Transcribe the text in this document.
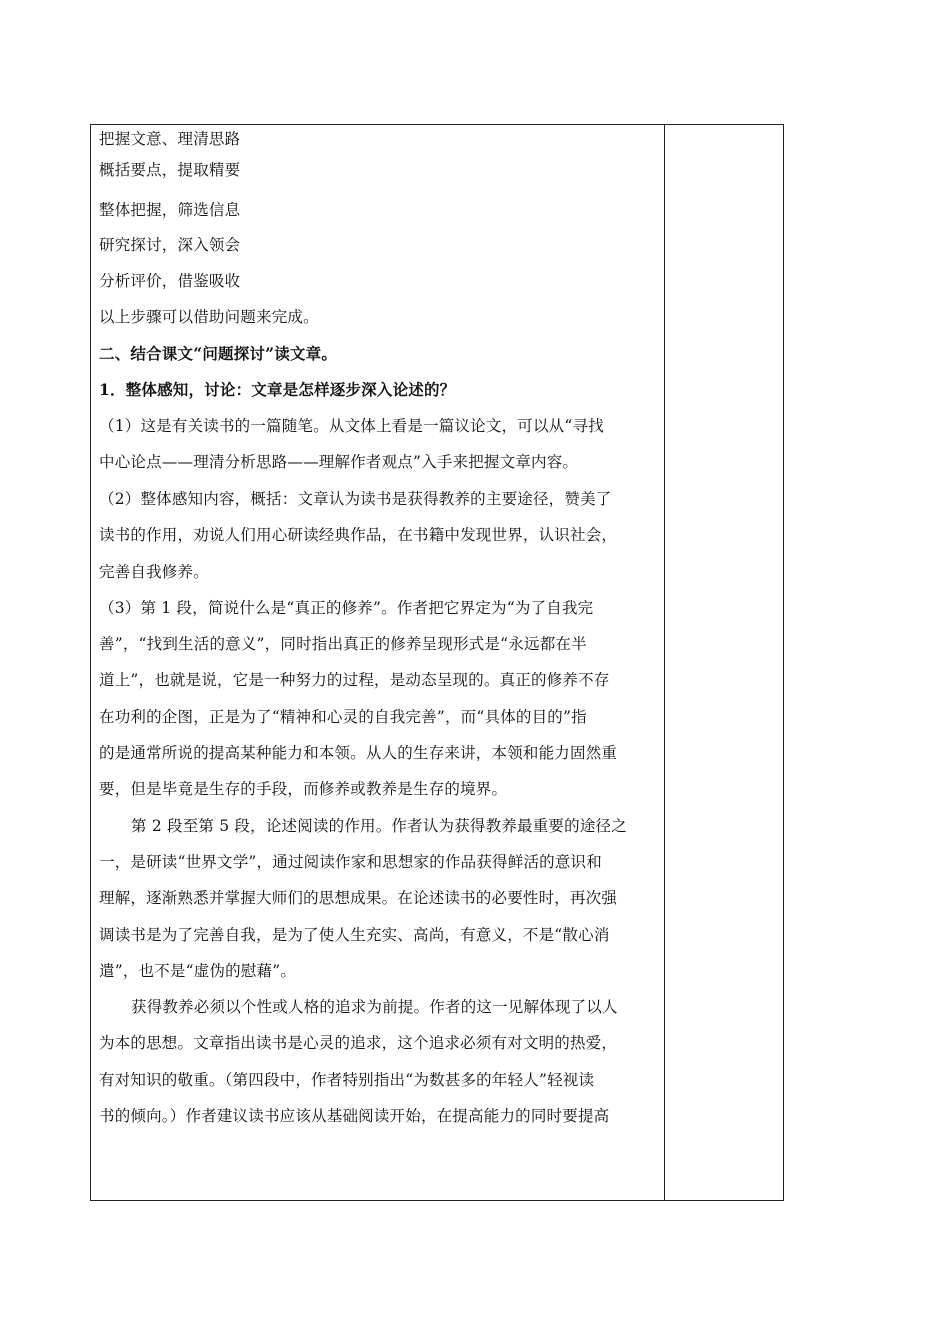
把握文意、理清思路
概括要点，提取精要
整体把握，筛选信息
研究探讨，深入领会
分析评价，借鉴吸收
以上步骤可以借助问题来完成。
二、结合课文“问题探讨”读文章。
1．整体感知，讨论：文章是怎样逐步深入论述的？
（1）这是有关读书的一篇随笔。从文体上看是一篇议论文，可以从“寻找
中心论点——理清分析思路——理解作者观点”入手来把握文章内容。
（2）整体感知内容，概括：文章认为读书是获得教养的主要途径，赞美了
读书的作用，劝说人们用心研读经典作品，在书籍中发现世界，认识社会，
完善自我修养。
（3）第 1 段，简说什么是“真正的修养”。作者把它界定为“为了自我完
善”，“找到生活的意义”，同时指出真正的修养呈现形式是“永远都在半
道上”，也就是说，它是一种努力的过程，是动态呈现的。真正的修养不存
在功利的企图，正是为了“精神和心灵的自我完善”，而“具体的目的”指
的是通常所说的提高某种能力和本领。从人的生存来讲，本领和能力固然重
要，但是毕竟是生存的手段，而修养或教养是生存的境界。
第 2 段至第 5 段，论述阅读的作用。作者认为获得教养最重要的途径之
一，是研读“世界文学”，通过阅读作家和思想家的作品获得鲜活的意识和
理解，逐渐熟悉并掌握大师们的思想成果。在论述读书的必要性时，再次强
调读书是为了完善自我，是为了使人生充实、高尚，有意义，不是“散心消
遣”，也不是“虚伪的慰藉”。
获得教养必须以个性或人格的追求为前提。作者的这一见解体现了以人
为本的思想。文章指出读书是心灵的追求，这个追求必须有对文明的热爱，
有对知识的敬重。（第四段中，作者特别指出“为数甚多的年轻人”轻视读
书的倾向。）作者建议读书应该从基础阅读开始，在提高能力的同时要提高
